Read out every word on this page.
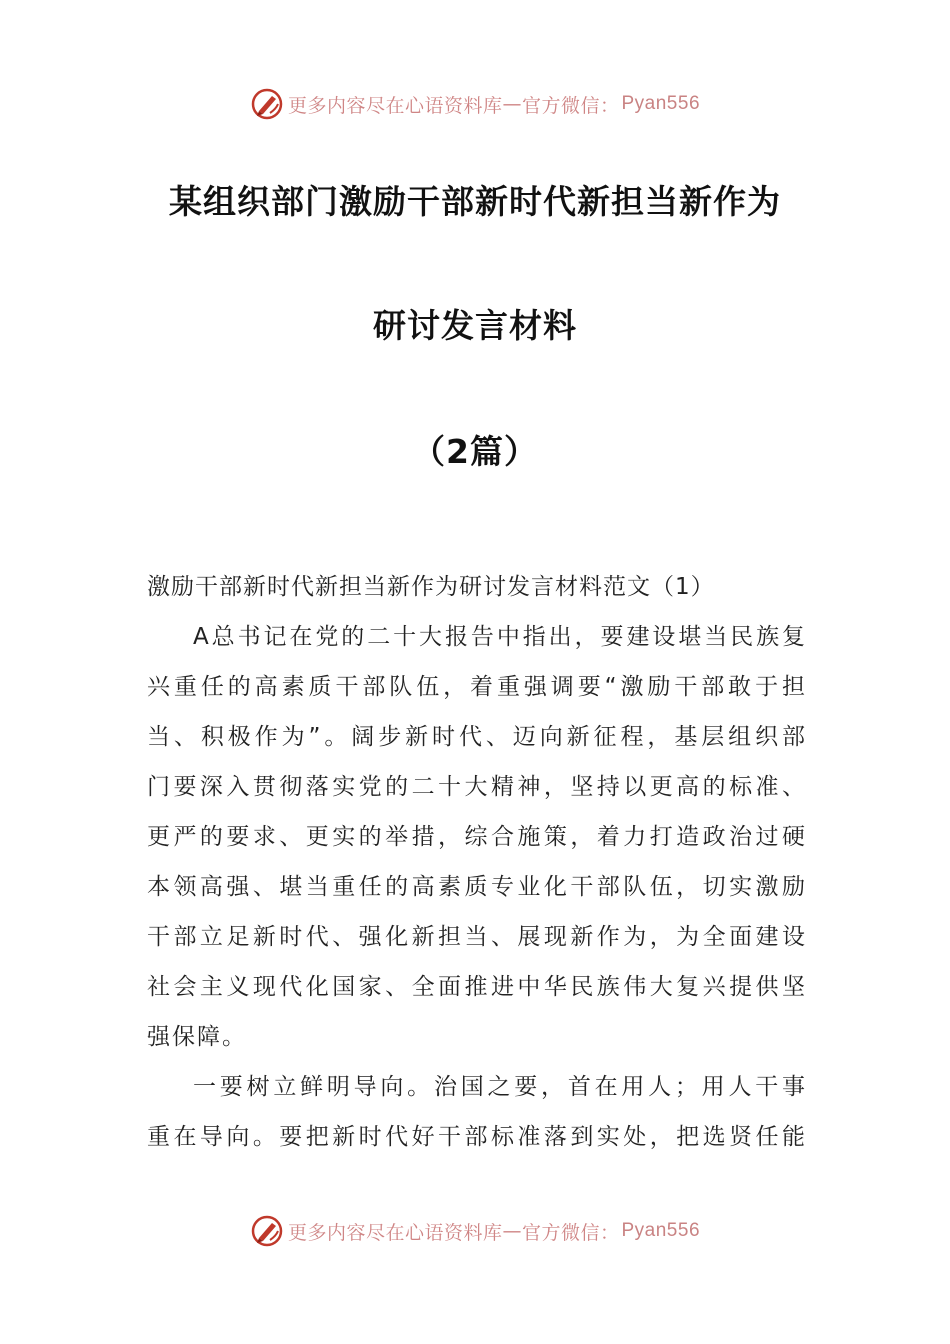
更多内容尽在心语资料库 — 官方微信： Pyan556
某组织部门激励干部新时代新担当新作为
研讨发言材料
（2篇）
激励干部新时代新担当新作为研讨发言材料范文（1）
A总书记在党的二十大报告中指出，要建设堪当民族复
兴重任的高素质干部队伍，着重强调要“激励干部敢于担
当、积极作为”。阔步新时代、迈向新征程，基层组织部
门要深入贯彻落实党的二十大精神，坚持以更高的标准、
更严的要求、更实的举措，综合施策，着力打造政治过硬
本领高强、堪当重任的高素质专业化干部队伍，切实激励
干部立足新时代、强化新担当、展现新作为，为全面建设
社会主义现代化国家、全面推进中华民族伟大复兴提供坚
强保障。
一要树立鲜明导向。治国之要，首在用人；用人干事
重在导向。要把新时代好干部标准落到实处，把选贤任能
更多内容尽在心语资料库 — 官方微信： Pyan556
